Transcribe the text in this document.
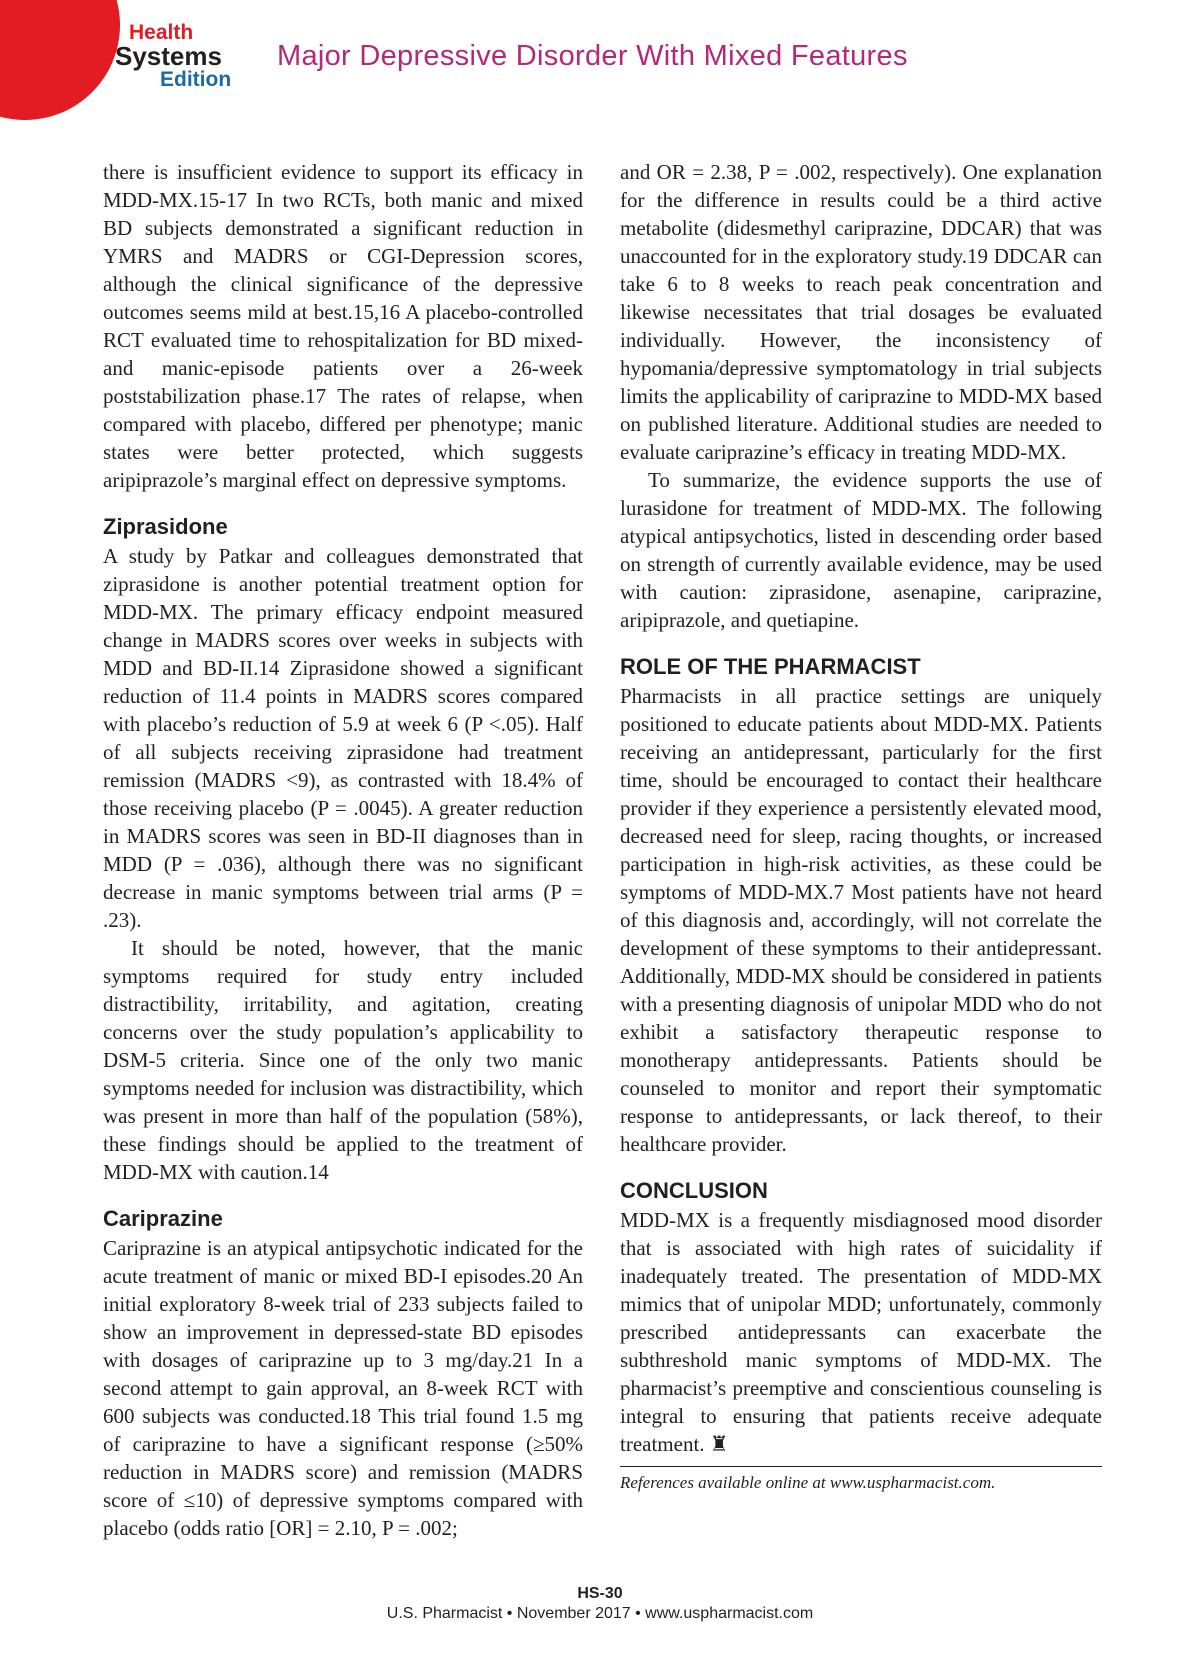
Health
Systems
Edition
Major Depressive Disorder With Mixed Features

there is insufficient evidence to support its efficacy in MDD-MX.15-17 In two RCTs, both manic and mixed BD subjects demonstrated a significant reduction in YMRS and MADRS or CGI-Depression scores, although the clinical significance of the depressive outcomes seems mild at best.15,16 A placebo-controlled RCT evaluated time to rehospitalization for BD mixed- and manic-episode patients over a 26-week poststabilization phase.17 The rates of relapse, when compared with placebo, differed per phenotype; manic states were better protected, which suggests aripiprazole’s marginal effect on depressive symptoms.

Ziprasidone

A study by Patkar and colleagues demonstrated that ziprasidone is another potential treatment option for MDD-MX. The primary efficacy endpoint measured change in MADRS scores over weeks in subjects with MDD and BD-II.14 Ziprasidone showed a significant reduction of 11.4 points in MADRS scores compared with placebo’s reduction of 5.9 at week 6 (P <.05). Half of all subjects receiving ziprasidone had treatment remission (MADRS <9), as contrasted with 18.4% of those receiving placebo (P = .0045). A greater reduction in MADRS scores was seen in BD-II diagnoses than in MDD (P = .036), although there was no significant decrease in manic symptoms between trial arms (P = .23).

It should be noted, however, that the manic symptoms required for study entry included distractibility, irritability, and agitation, creating concerns over the study population’s applicability to DSM-5 criteria. Since one of the only two manic symptoms needed for inclusion was distractibility, which was present in more than half of the population (58%), these findings should be applied to the treatment of MDD-MX with caution.14

Cariprazine

Cariprazine is an atypical antipsychotic indicated for the acute treatment of manic or mixed BD-I episodes.20 An initial exploratory 8-week trial of 233 subjects failed to show an improvement in depressed-state BD episodes with dosages of cariprazine up to 3 mg/day.21 In a second attempt to gain approval, an 8-week RCT with 600 subjects was conducted.18 This trial found 1.5 mg of cariprazine to have a significant response (≥50% reduction in MADRS score) and remission (MADRS score of ≤10) of depressive symptoms compared with placebo (odds ratio [OR] = 2.10, P = .002;

and OR = 2.38, P = .002, respectively). One explanation for the difference in results could be a third active metabolite (didesmethyl cariprazine, DDCAR) that was unaccounted for in the exploratory study.19 DDCAR can take 6 to 8 weeks to reach peak concentration and likewise necessitates that trial dosages be evaluated individually. However, the inconsistency of hypomania/depressive symptomatology in trial subjects limits the applicability of cariprazine to MDD-MX based on published literature. Additional studies are needed to evaluate cariprazine’s efficacy in treating MDD-MX.

To summarize, the evidence supports the use of lurasidone for treatment of MDD-MX. The following atypical antipsychotics, listed in descending order based on strength of currently available evidence, may be used with caution: ziprasidone, asenapine, cariprazine, aripiprazole, and quetiapine.

ROLE OF THE PHARMACIST

Pharmacists in all practice settings are uniquely positioned to educate patients about MDD-MX. Patients receiving an antidepressant, particularly for the first time, should be encouraged to contact their healthcare provider if they experience a persistently elevated mood, decreased need for sleep, racing thoughts, or increased participation in high-risk activities, as these could be symptoms of MDD-MX.7 Most patients have not heard of this diagnosis and, accordingly, will not correlate the development of these symptoms to their antidepressant. Additionally, MDD-MX should be considered in patients with a presenting diagnosis of unipolar MDD who do not exhibit a satisfactory therapeutic response to monotherapy antidepressants. Patients should be counseled to monitor and report their symptomatic response to antidepressants, or lack thereof, to their healthcare provider.

CONCLUSION

MDD-MX is a frequently misdiagnosed mood disorder that is associated with high rates of suicidality if inadequately treated. The presentation of MDD-MX mimics that of unipolar MDD; unfortunately, commonly prescribed antidepressants can exacerbate the subthreshold manic symptoms of MDD-MX. The pharmacist’s preemptive and conscientious counseling is integral to ensuring that patients receive adequate treatment. ♜

References available online at www.uspharmacist.com.
HS-30
U.S. Pharmacist • November 2017 • www.uspharmacist.com
